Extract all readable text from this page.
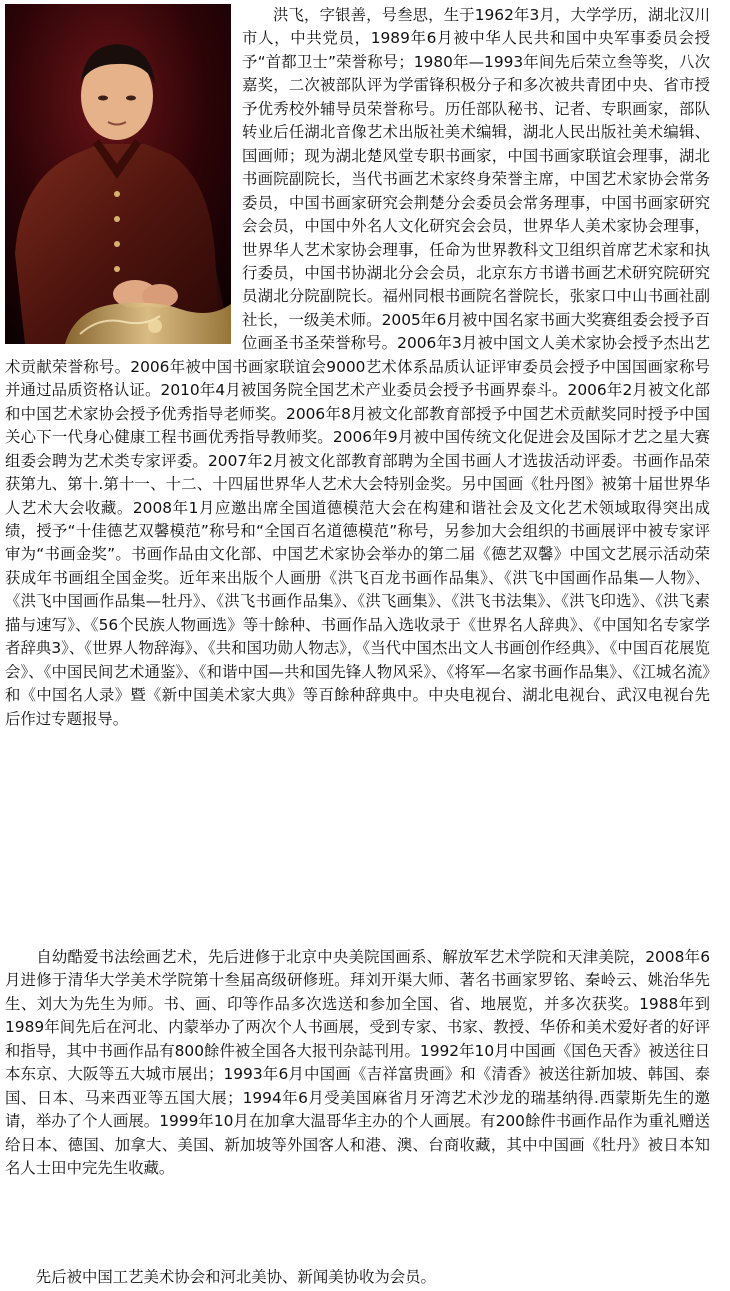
　　洪飞，字银善，号叁思，生于1962年3月，大学学历，湖北汉川市人，中共党员，1989年6月被中华人民共和国中央军事委员会授予“首都卫士”荣誉称号；1980年—1993年间先后荣立叁等奖，八次嘉奖，二次被部队评为学雷锋积极分子和多次被共青团中央、省市授予优秀校外辅导员荣誉称号。历任部队秘书、记者、专职画家，部队转业后任湖北音像艺术出版社美术编辑，湖北人民出版社美术编辑、国画师；现为湖北楚风堂专职书画家，中国书画家联谊会理事，湖北书画院副院长，当代书画艺术家终身荣誉主席，中国艺术家协会常务委员，中国书画家研究会荆楚分会委员会常务理事，中国书画家研究会会员，中国中外名人文化研究会会员，世界华人美术家协会理事，世界华人艺术家协会理事，任命为世界教科文卫组织首席艺术家和执行委员，中国书协湖北分会会员，北京东方书谱书画艺术研究院研究员湖北分院副院长。福州同根书画院名誉院长，张家口中山书画社副社长，一级美术师。2005年6月被中国名家书画大奖赛组委会授予百位画圣书圣荣誉称号。2006年3月被中国文人美术家协会授予杰出艺术贡献荣誉称号。2006年被中国书画家联谊会9000艺术体系品质认证评审委员会授予中国国画家称号并通过品质资格认证。2010年4月被国务院全国艺术产业委员会授予书画界泰斗。2006年2月被文化部和中国艺术家协会授予优秀指导老师奖。2006年8月被文化部教育部授予中国艺术贡献奖同时授予中国关心下一代身心健康工程书画优秀指导教师奖。2006年9月被中国传统文化促进会及国际才艺之星大赛组委会聘为艺术类专家评委。2007年2月被文化部教育部聘为全国书画人才选拔活动评委。书画作品荣获第九、第十.第十一、十二、十四届世界华人艺术大会特别金奖。另中国画《牡丹图》被第十届世界华人艺术大会收藏。2008年1月应邀出席全国道德模范大会在构建和谐社会及文化艺术领域取得突出成绩，授予“十佳德艺双馨模范”称号和“全国百名道德模范”称号，另参加大会组织的书画展评中被专家评审为“书画金奖”。书画作品由文化部、中国艺术家协会举办的第二届《德艺双馨》中国文艺展示活动荣获成年书画组全国金奖。近年来出版个人画册《洪飞百龙书画作品集》、《洪飞中国画作品集—人物》、《洪飞中国画作品集—牡丹》、《洪飞书画作品集》、《洪飞画集》、《洪飞书法集》、《洪飞印选》、《洪飞素描与速写》、《56个民族人物画选》等十餘种、书画作品入选收录于《世界名人辞典》、《中国知名专家学者辞典3》、《世界人物辞海》、《共和国功勋人物志》，《当代中国杰出文人书画创作经典》、《中国百花展览会》、《中国民间艺术通鉴》、《和谐中国—共和国先锋人物风采》、《将军—名家书画作品集》、《江城名流》和《中国名人录》暨《新中国美术家大典》等百餘种辞典中。中央电视台、湖北电视台、武汉电视台先后作过专题报导。

　　自幼酷爱书法绘画艺术，先后进修于北京中央美院国画系、解放军艺术学院和天津美院，2008年6月进修于清华大学美术学院第十叁届高级研修班。拜刘开渠大师、著名书画家罗铭、秦岭云、姚治华先生、刘大为先生为师。书、画、印等作品多次选送和参加全国、省、地展览，并多次获奖。1988年到1989年间先后在河北、内蒙举办了两次个人书画展，受到专家、书家、教授、华侨和美术爱好者的好评和指导，其中书画作品有800餘件被全国各大报刊杂誌刊用。1992年10月中国画《国色天香》被送往日本东京、大阪等五大城市展出；1993年6月中国画《吉祥富贵画》和《清香》被送往新加坡、韩国、泰国、日本、马来西亚等五国大展；1994年6月受美国麻省月牙湾艺术沙龙的瑞基纳得.西蒙斯先生的邀请，举办了个人画展。1999年10月在加拿大温哥华主办的个人画展。有200餘件书画作品作为重礼赠送给日本、德国、加拿大、美国、新加坡等外国客人和港、澳、台商收藏，其中中国画《牡丹》被日本知名人士田中完先生收藏。

　　先后被中国工艺美术协会和河北美协、新闻美协收为会员。
